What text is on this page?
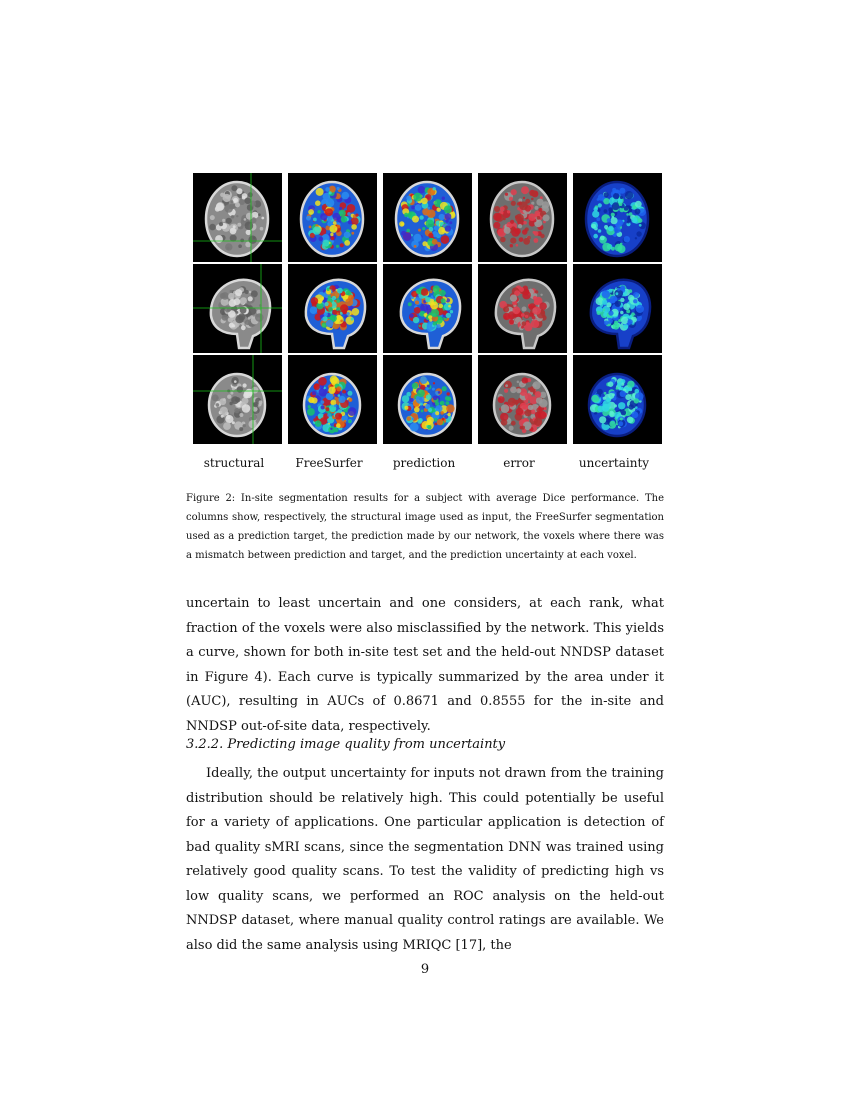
structural	FreeSurfer	prediction	error	uncertainty
Figure 2: In-site segmentation results for a subject with average Dice performance. The columns show, respectively, the structural image used as input, the FreeSurfer segmentation used as a prediction target, the prediction made by our network, the voxels where there was a mismatch between prediction and target, and the prediction uncertainty at each voxel.

uncertain to least uncertain and one considers, at each rank, what fraction of the voxels were also misclassified by the network. This yields a curve, shown for both in-site test set and the held-out NNDSP dataset in Figure 4). Each curve is typically summarized by the area under it (AUC), resulting in AUCs of 0.8671 and 0.8555 for the in-site and NNDSP out-of-site data, respectively.

3.2.2. Predicting image quality from uncertainty

Ideally, the output uncertainty for inputs not drawn from the training distribution should be relatively high. This could potentially be useful for a variety of applications. One particular application is detection of bad quality sMRI scans, since the segmentation DNN was trained using relatively good quality scans. To test the validity of predicting high vs low quality scans, we performed an ROC analysis on the held-out NNDSP dataset, where manual quality control ratings are available. We also did the same analysis using MRIQC [17], the

9
